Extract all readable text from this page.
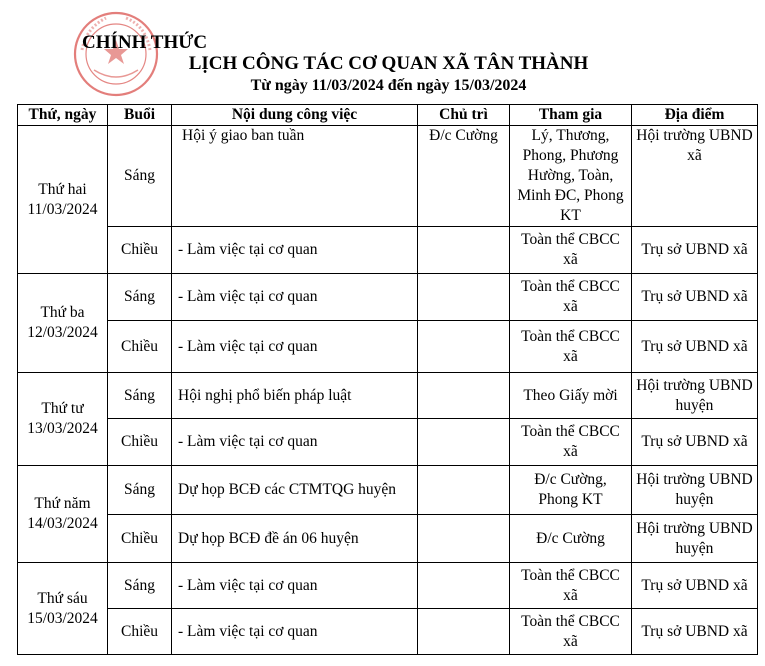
CHÍNH THỨC
LỊCH CÔNG TÁC CƠ QUAN XÃ TÂN THÀNH
Từ ngày 11/03/2024 đến ngày 15/03/2024
Thứ, ngày	Buổi	Nội dung công việc	Chủ trì	Tham gia	Địa điểm
Thứ hai
11/03/2024	Sáng	Hội ý giao ban tuần	Đ/c Cường	Lý, Thương, Phong, Phương Hường, Toàn, Minh ĐC, Phong KT	Hội trường UBND xã
	Chiều	- Làm việc tại cơ quan		Toàn thể CBCC xã	Trụ sở UBND xã
Thứ ba
12/03/2024	Sáng	- Làm việc tại cơ quan		Toàn thể CBCC xã	Trụ sở UBND xã
	Chiều	- Làm việc tại cơ quan		Toàn thể CBCC xã	Trụ sở UBND xã
Thứ tư
13/03/2024	Sáng	Hội nghị phổ biến pháp luật		Theo Giấy mời	Hội trường UBND huyện
	Chiều	- Làm việc tại cơ quan		Toàn thể CBCC xã	Trụ sở UBND xã
Thứ năm
14/03/2024	Sáng	Dự họp BCĐ các CTMTQG huyện		Đ/c Cường, Phong KT	Hội trường UBND huyện
	Chiều	Dự họp BCĐ đề án 06 huyện		Đ/c Cường	Hội trường UBND huyện
Thứ sáu
15/03/2024	Sáng	- Làm việc tại cơ quan		Toàn thể CBCC xã	Trụ sở UBND xã
	Chiều	- Làm việc tại cơ quan		Toàn thể CBCC xã	Trụ sở UBND xã
